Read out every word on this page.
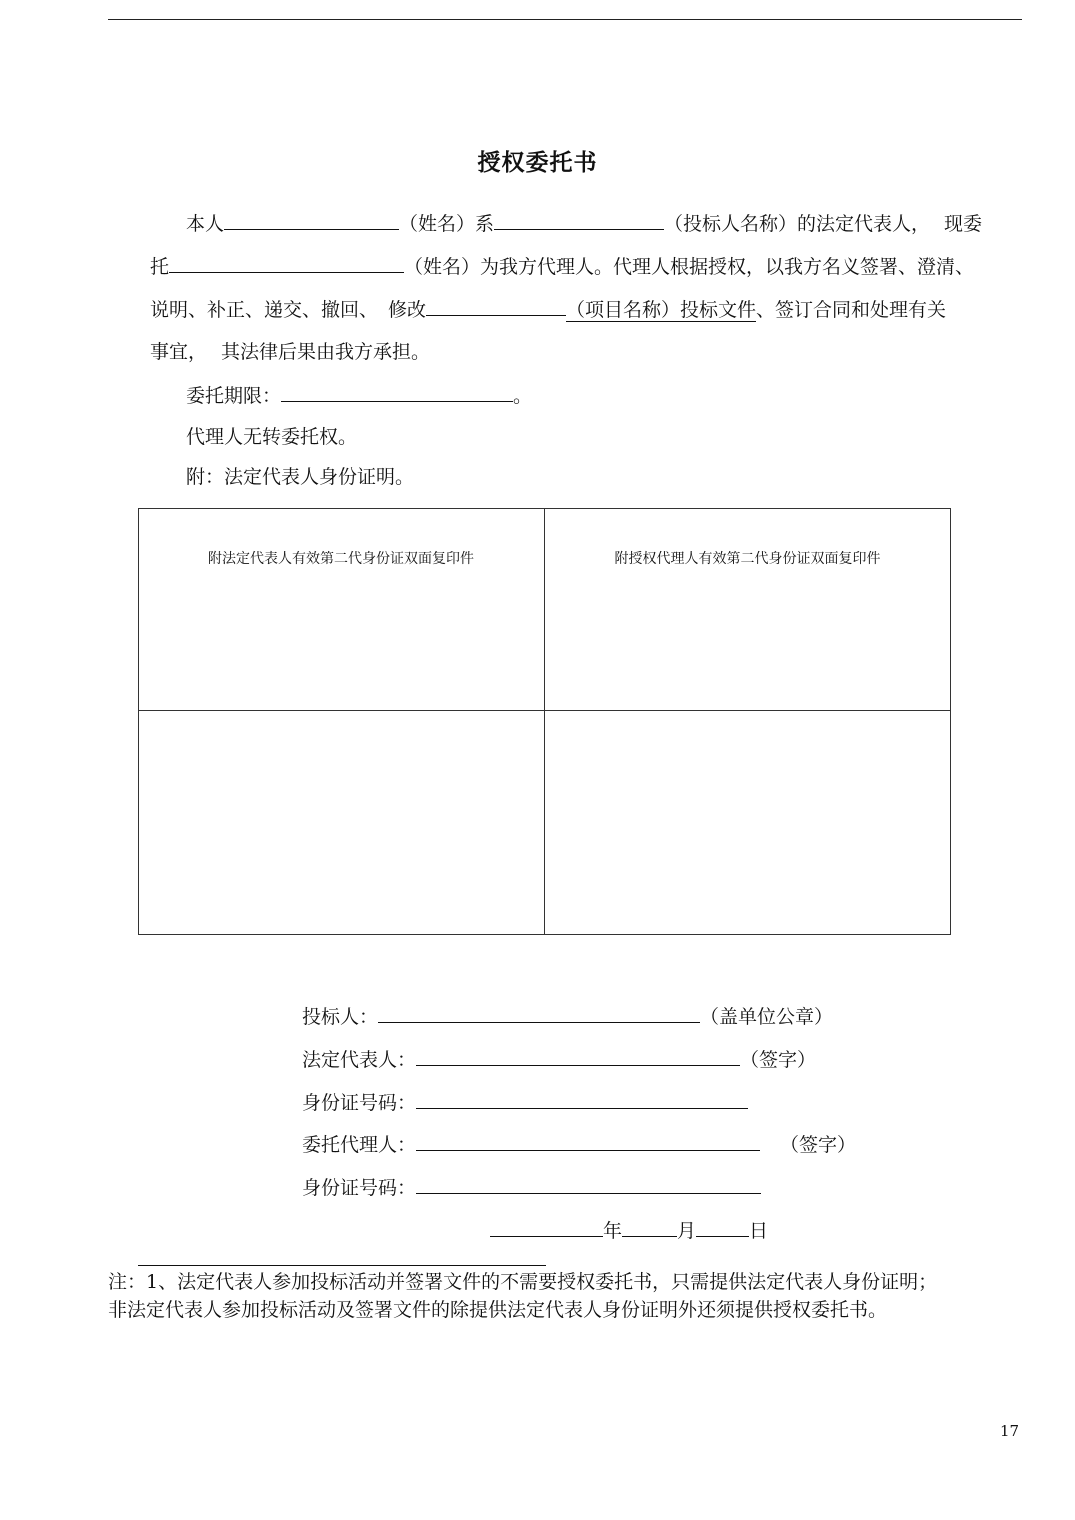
授权委托书
本人	（姓名）系	（投标人名称）的法定代表人， 现委
托	（姓名）为我方代理人。代理人根据授权，以我方名义签署、澄清、
说明、补正、递交、撤回、 修改	（项目名称）投标文件、签订合同和处理有关
事宜， 其法律后果由我方承担。
委托期限：	。
代理人无转委托权。
附：法定代表人身份证明。
附法定代表人有效第二代身份证双面复印件	附授权代理人有效第二代身份证双面复印件
投标人：	（盖单位公章）
法定代表人：	（签字）
身份证号码：
委托代理人：	（签字）
身份证号码：
年	月	日
注：1、法定代表人参加投标活动并签署文件的不需要授权委托书，只需提供法定代表人身份证明；
非法定代表人参加投标活动及签署文件的除提供法定代表人身份证明外还须提供授权委托书。
17
